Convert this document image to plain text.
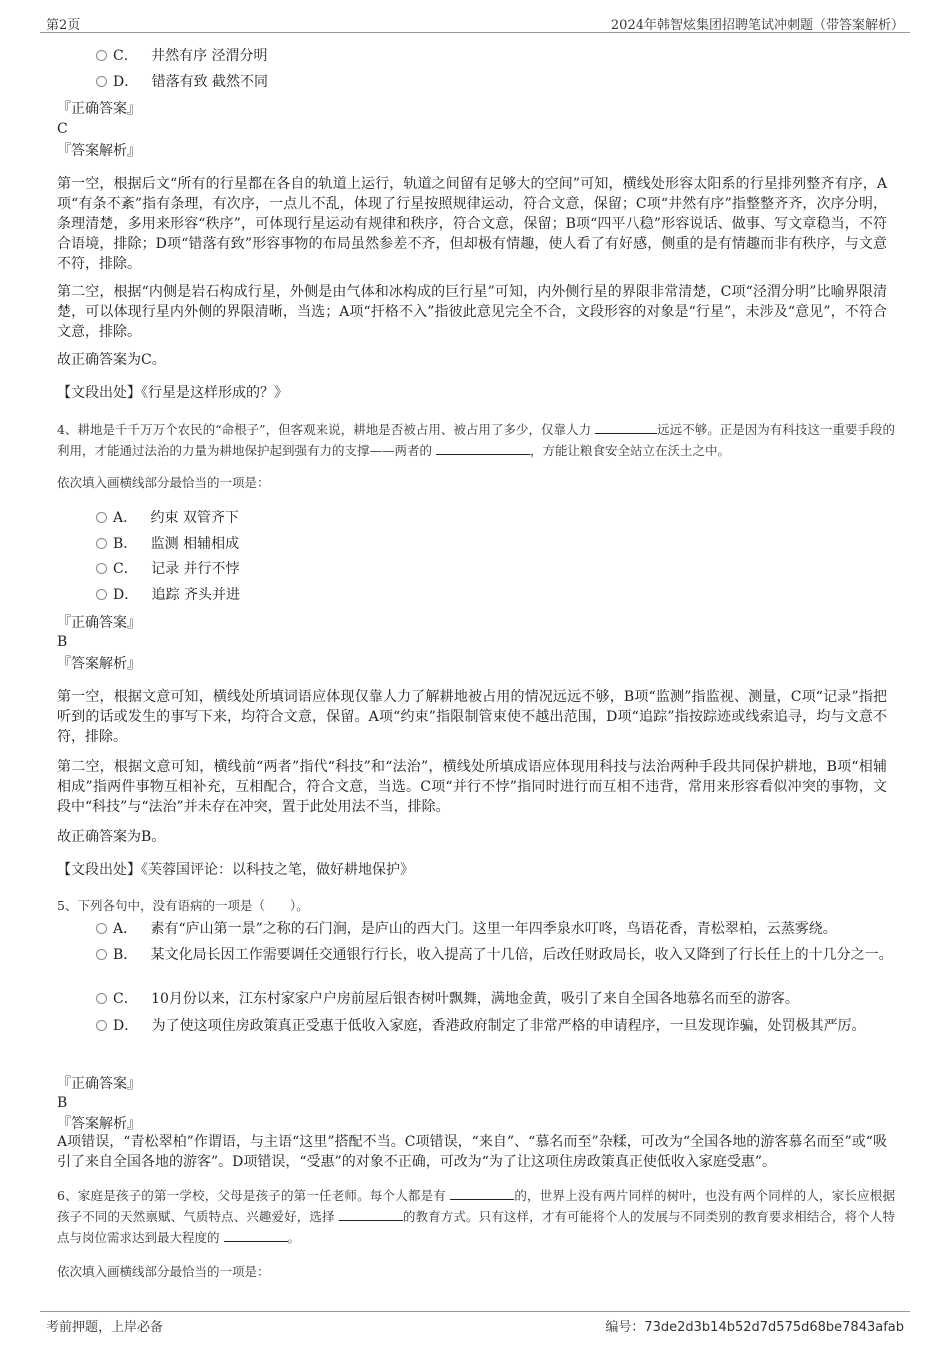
第2页	2024年韩智炫集团招聘笔试冲刺题（带答案解析）
C． 井然有序 泾渭分明
D． 错落有致 截然不同
『正确答案』
C
『答案解析』
第一空，根据后文“所有的行星都在各自的轨道上运行，轨道之间留有足够大的空间”可知，横线处形容太阳系的行星排列整齐有序，A项“有条不紊”指有条理，有次序，一点儿不乱，体现了行星按照规律运动，符合文意，保留；C项“井然有序”指整整齐齐，次序分明，条理清楚，多用来形容“秩序”，可体现行星运动有规律和秩序，符合文意，保留；B项“四平八稳”形容说话、做事、写文章稳当，不符合语境，排除；D项“错落有致”形容事物的布局虽然参差不齐，但却极有情趣，使人看了有好感，侧重的是有情趣而非有秩序，与文意不符，排除。
第二空，根据“内侧是岩石构成行星，外侧是由气体和冰构成的巨行星”可知，内外侧行星的界限非常清楚，C项“泾渭分明”比喻界限清楚，可以体现行星内外侧的界限清晰，当选；A项“扞格不入”指彼此意见完全不合，文段形容的对象是“行星”，未涉及“意见”，不符合文意，排除。
故正确答案为C。
【文段出处】《行星是这样形成的？》
4、耕地是千千万万个农民的“命根子”，但客观来说，耕地是否被占用、被占用了多少，仅靠人力	远远不够。正是因为有科技这一重要手段的利用，才能通过法治的力量为耕地保护起到强有力的支撑——两者的	，方能让粮食安全站立在沃土之中。
依次填入画横线部分最恰当的一项是：
A． 约束 双管齐下
B． 监测 相辅相成
C． 记录 并行不悖
D． 追踪 齐头并进
『正确答案』
B
『答案解析』
第一空，根据文意可知，横线处所填词语应体现仅靠人力了解耕地被占用的情况远远不够，B项“监测”指监视、测量，C项“记录”指把听到的话或发生的事写下来，均符合文意，保留。A项“约束”指限制管束使不越出范围，D项“追踪”指按踪迹或线索追寻，均与文意不符，排除。
第二空，根据文意可知，横线前“两者”指代“科技”和“法治”，横线处所填成语应体现用科技与法治两种手段共同保护耕地，B项“相辅相成”指两件事物互相补充，互相配合，符合文意，当选。C项“并行不悖”指同时进行而互相不违背，常用来形容看似冲突的事物，文段中“科技”与“法治”并未存在冲突，置于此处用法不当，排除。
故正确答案为B。
【文段出处】《芙蓉国评论：以科技之笔，做好耕地保护》
5、下列各句中，没有语病的一项是（　　）。
A． 素有“庐山第一景”之称的石门涧，是庐山的西大门。这里一年四季泉水叮咚，鸟语花香，青松翠柏，云蒸雾绕。
B． 某文化局长因工作需要调任交通银行行长，收入提高了十几倍，后改任财政局长，收入又降到了行长任上的十几分之一。
C． 10月份以来，江东村家家户户房前屋后银杏树叶飘舞，满地金黄，吸引了来自全国各地慕名而至的游客。
D． 为了使这项住房政策真正受惠于低收入家庭，香港政府制定了非常严格的申请程序，一旦发现诈骗，处罚极其严厉。
『正确答案』
B
『答案解析』
A项错误，“青松翠柏”作谓语，与主语“这里”搭配不当。C项错误，“来自”、“慕名而至”杂糅，可改为“全国各地的游客慕名而至”或“吸引了来自全国各地的游客”。D项错误，“受惠”的对象不正确，可改为“为了让这项住房政策真正使低收入家庭受惠”。
6、家庭是孩子的第一学校，父母是孩子的第一任老师。每个人都是有	的，世界上没有两片同样的树叶，也没有两个同样的人，家长应根据孩子不同的天然禀赋、气质特点、兴趣爱好，选择	的教育方式。只有这样，才有可能将个人的发展与不同类别的教育要求相结合，将个人特点与岗位需求达到最大程度的	。
依次填入画横线部分最恰当的一项是：
考前押题，上岸必备	编号：73de2d3b14b52d7d575d68be7843afab
